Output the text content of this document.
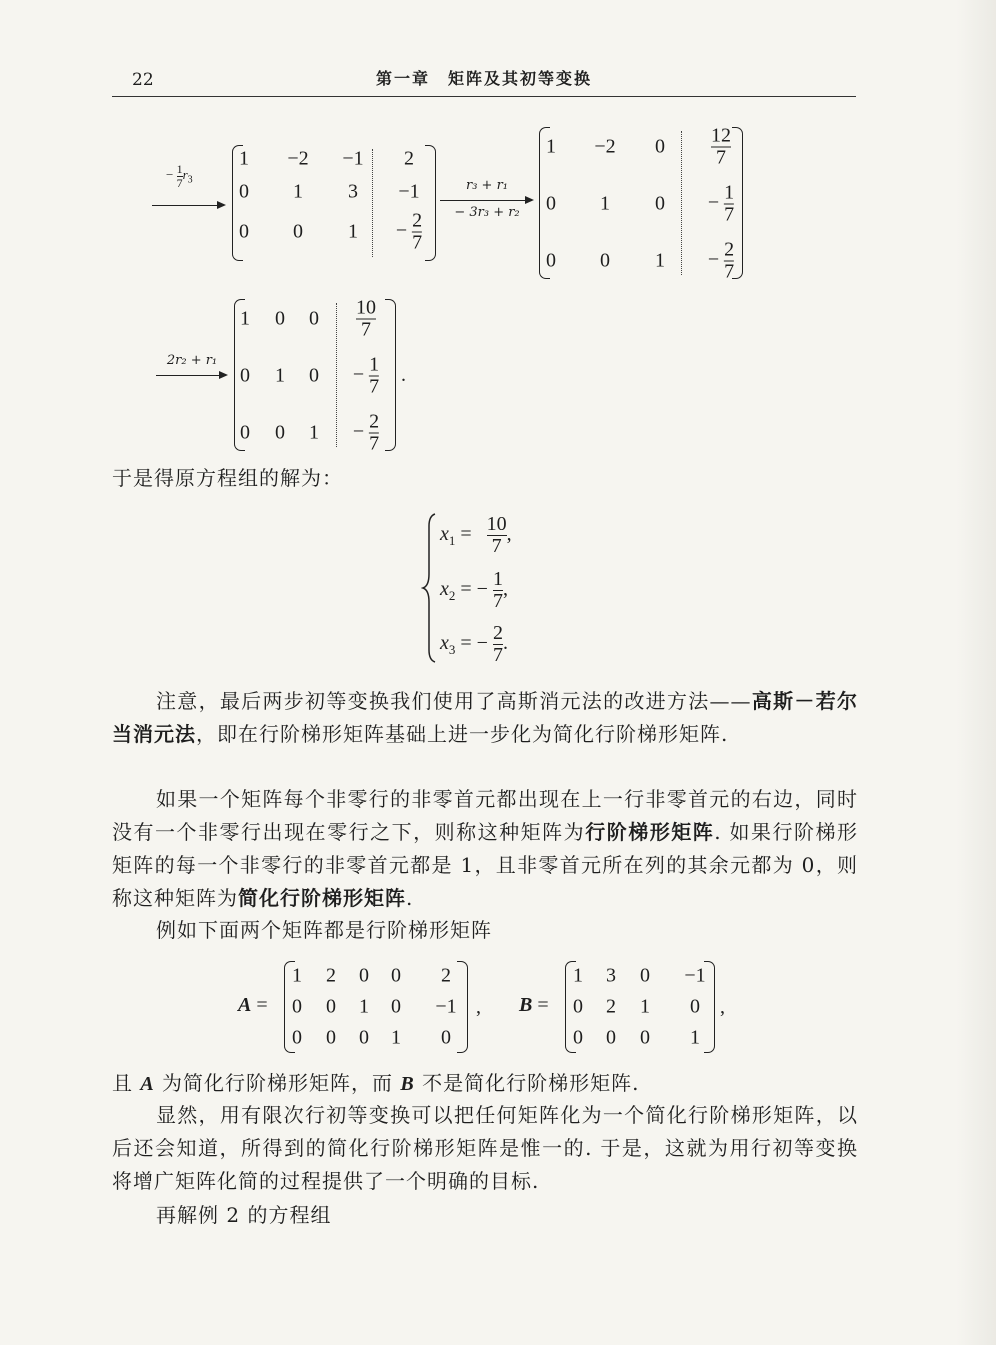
22	第一章　矩阵及其初等变换
− $\frac{1}{7} r_3$
1 −2 −1
0 1 3
0 0 1
2
−1
− $\frac{2}{7}$
r₃ + r₁
− 3r₃ + r₂
1 −2 0
0 1 0
0 0 1
$\frac{12}{7}$
− $\frac{1}{7}$
− $\frac{2}{7}$
2r₂ + r₁
1 0 0
0 1 0
0 0 1
$\frac{10}{7}$
− $\frac{1}{7}$
− $\frac{2}{7}$
.
于是得原方程组的解为：
$x_1 = \frac{10}{7}$ ,
$x_2$ = − $\frac{1}{7}$ ,
$x_3$ = − $\frac{2}{7}$ .
注意，最后两步初等变换我们使用了高斯消元法的改进方法——高斯－若尔当消元法，即在行阶梯形矩阵基础上进一步化为简化行阶梯形矩阵.
如果一个矩阵每个非零行的非零首元都出现在上一行非零首元的右边，同时没有一个非零行出现在零行之下，则称这种矩阵为行阶梯形矩阵. 如果行阶梯形矩阵的每一个非零行的非零首元都是 1，且非零首元所在列的其余元都为 0，则称这种矩阵为简化行阶梯形矩阵.
例如下面两个矩阵都是行阶梯形矩阵
A =
1 2 0 0 2
0 0 1 0 −1
0 0 0 1 0
, B =
1 3 0 −1
0 2 1 0
0 0 0 1
,
且 A 为简化行阶梯形矩阵，而 B 不是简化行阶梯形矩阵.
显然，用有限次行初等变换可以把任何矩阵化为一个简化行阶梯形矩阵，以后还会知道，所得到的简化行阶梯形矩阵是惟一的. 于是，这就为用行初等变换将增广矩阵化简的过程提供了一个明确的目标.
再解例 2 的方程组
